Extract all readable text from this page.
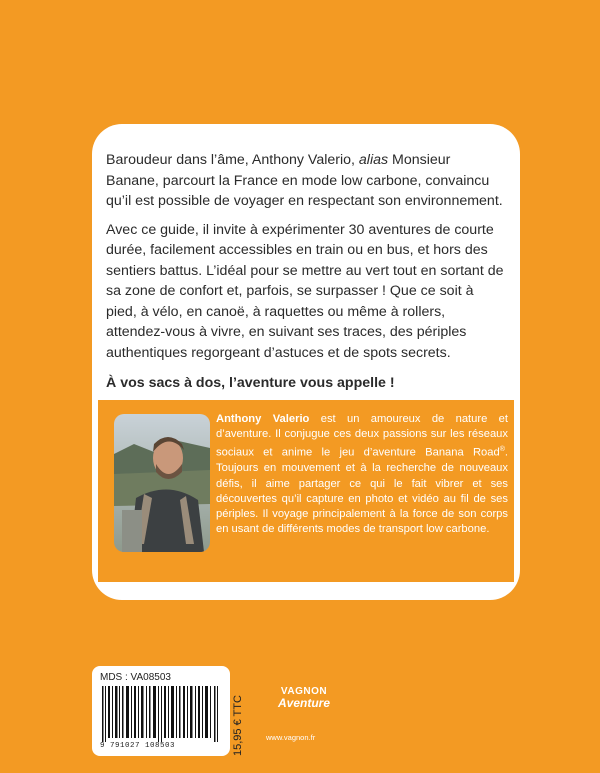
Baroudeur dans l’âme, Anthony Valerio, alias Monsieur Banane, parcourt la France en mode low carbone, convaincu qu’il est possible de voyager en respectant son environnement.

Avec ce guide, il invite à expérimenter 30 aventures de courte durée, facilement accessibles en train ou en bus, et hors des sentiers battus. L’idéal pour se mettre au vert tout en sortant de sa zone de confort et, parfois, se surpasser ! Que ce soit à pied, à vélo, en canoë, à raquettes ou même à rollers, attendez-vous à vivre, en suivant ses traces, des périples authentiques regorgeant d’astuces et de spots secrets.

À vos sacs à dos, l’aventure vous appelle !

Anthony Valerio est un amoureux de nature et d’aventure. Il conjugue ces deux passions sur les réseaux sociaux et anime le jeu d’aventure Banana Road®. Toujours en mouvement et à la recherche de nouveaux défis, il aime partager ce qui le fait vibrer et ses découvertes qu’il capture en photo et vidéo au fil de ses périples. Il voyage principalement à la force de son corps en usant de différents modes de transport low carbone.
MDS : VA08503
9 791027 108503	15,95 € TTC
VAGNON
Aventure
www.vagnon.fr
